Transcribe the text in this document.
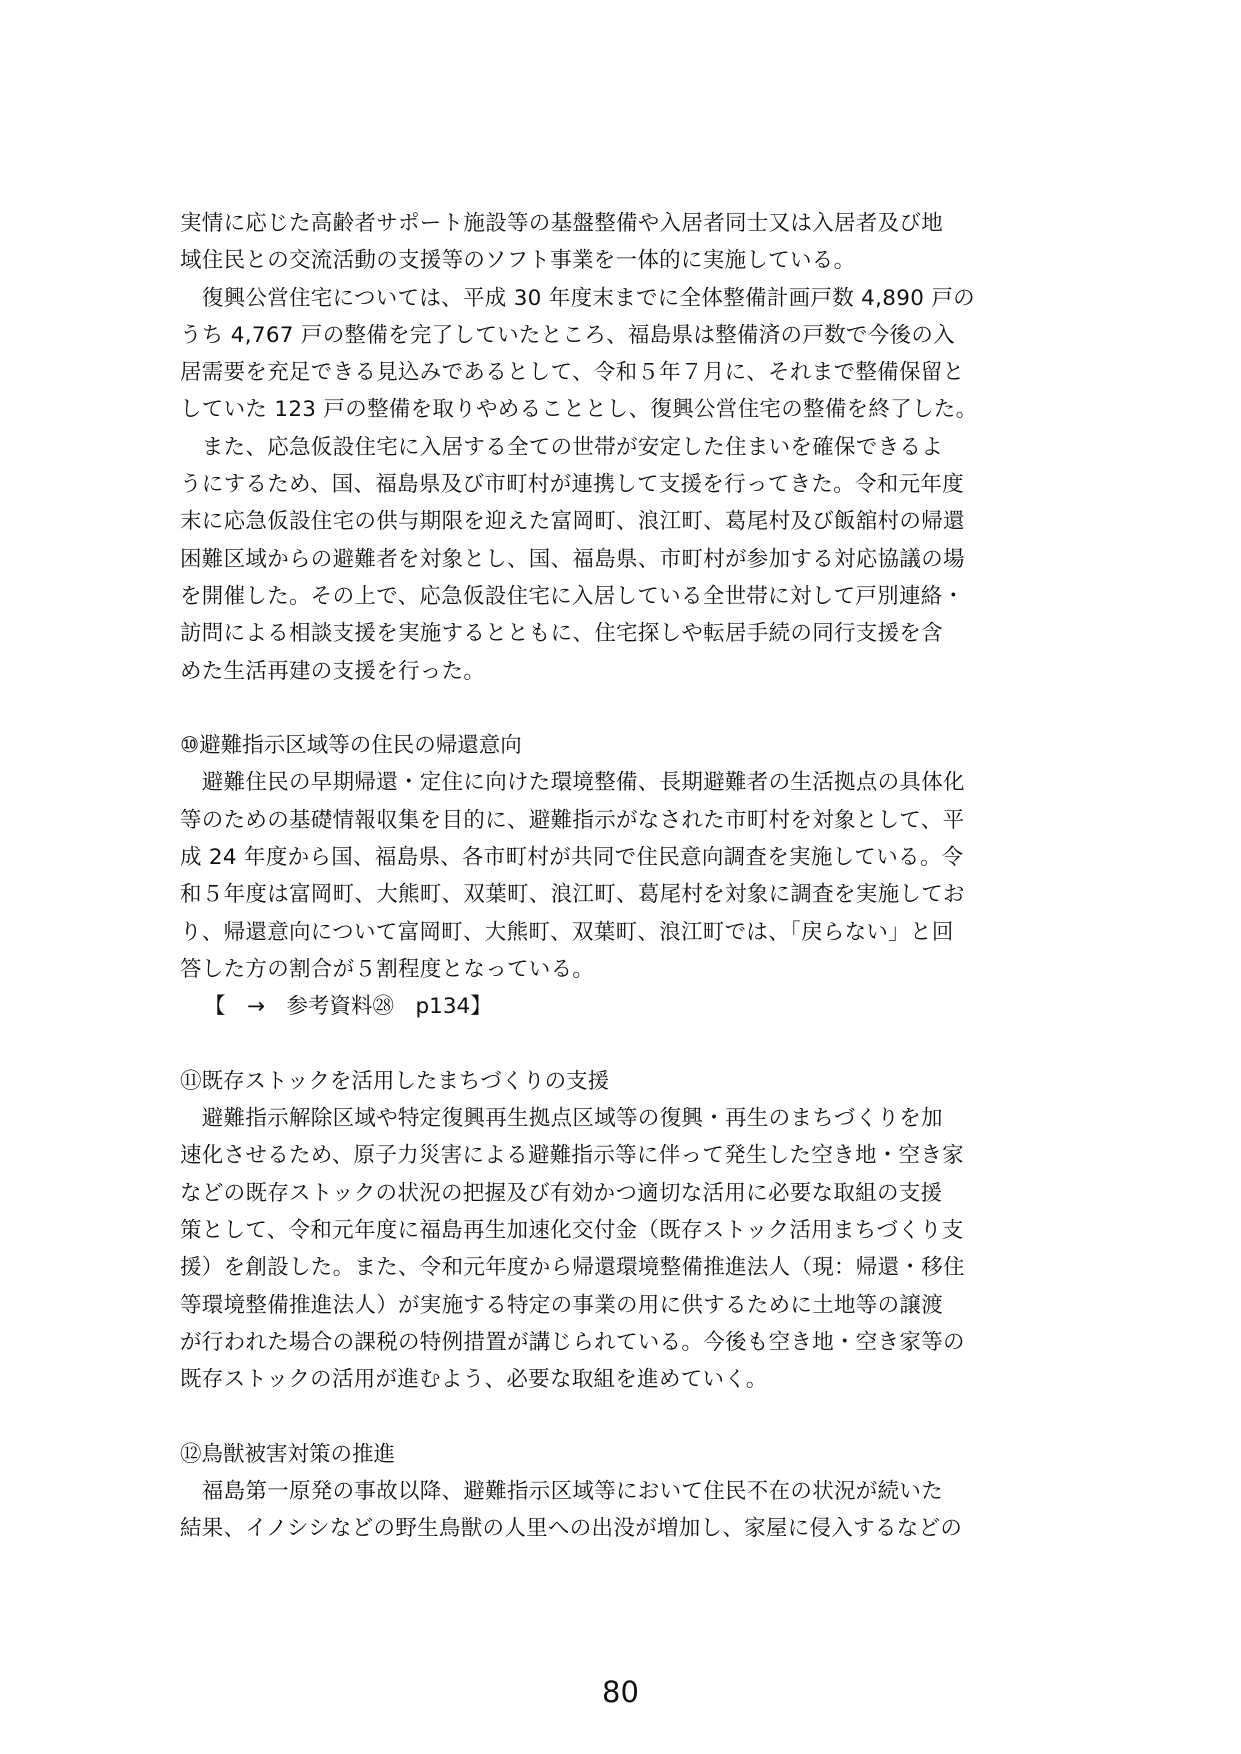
実情に応じた高齢者サポート施設等の基盤整備や入居者同士又は入居者及び地
域住民との交流活動の支援等のソフト事業を一体的に実施している。
　復興公営住宅については、平成 30 年度末までに全体整備計画戸数 4,890 戸の
うち 4,767 戸の整備を完了していたところ、福島県は整備済の戸数で今後の入
居需要を充足できる見込みであるとして、令和５年７月に、それまで整備保留と
していた 123 戸の整備を取りやめることとし、復興公営住宅の整備を終了した。
　また、応急仮設住宅に入居する全ての世帯が安定した住まいを確保できるよ
うにするため、国、福島県及び市町村が連携して支援を行ってきた。令和元年度
末に応急仮設住宅の供与期限を迎えた富岡町、浪江町、葛尾村及び飯舘村の帰還
困難区域からの避難者を対象とし、国、福島県、市町村が参加する対応協議の場
を開催した。その上で、応急仮設住宅に入居している全世帯に対して戸別連絡・
訪問による相談支援を実施するとともに、住宅探しや転居手続の同行支援を含
めた生活再建の支援を行った。
⑩避難指示区域等の住民の帰還意向
　避難住民の早期帰還・定住に向けた環境整備、長期避難者の生活拠点の具体化
等のための基礎情報収集を目的に、避難指示がなされた市町村を対象として、平
成 24 年度から国、福島県、各市町村が共同で住民意向調査を実施している。令
和５年度は富岡町、大熊町、双葉町、浪江町、葛尾村を対象に調査を実施してお
り、帰還意向について富岡町、大熊町、双葉町、浪江町では、「戻らない」と回
答した方の割合が５割程度となっている。
【　→　参考資料㉘　p134】
⑪既存ストックを活用したまちづくりの支援
　避難指示解除区域や特定復興再生拠点区域等の復興・再生のまちづくりを加
速化させるため、原子力災害による避難指示等に伴って発生した空き地・空き家
などの既存ストックの状況の把握及び有効かつ適切な活用に必要な取組の支援
策として、令和元年度に福島再生加速化交付金（既存ストック活用まちづくり支
援）を創設した。また、令和元年度から帰還環境整備推進法人（現：帰還・移住
等環境整備推進法人）が実施する特定の事業の用に供するために土地等の譲渡
が行われた場合の課税の特例措置が講じられている。今後も空き地・空き家等の
既存ストックの活用が進むよう、必要な取組を進めていく。
⑫鳥獣被害対策の推進
　福島第一原発の事故以降、避難指示区域等において住民不在の状況が続いた
結果、イノシシなどの野生鳥獣の人里への出没が増加し、家屋に侵入するなどの
80
